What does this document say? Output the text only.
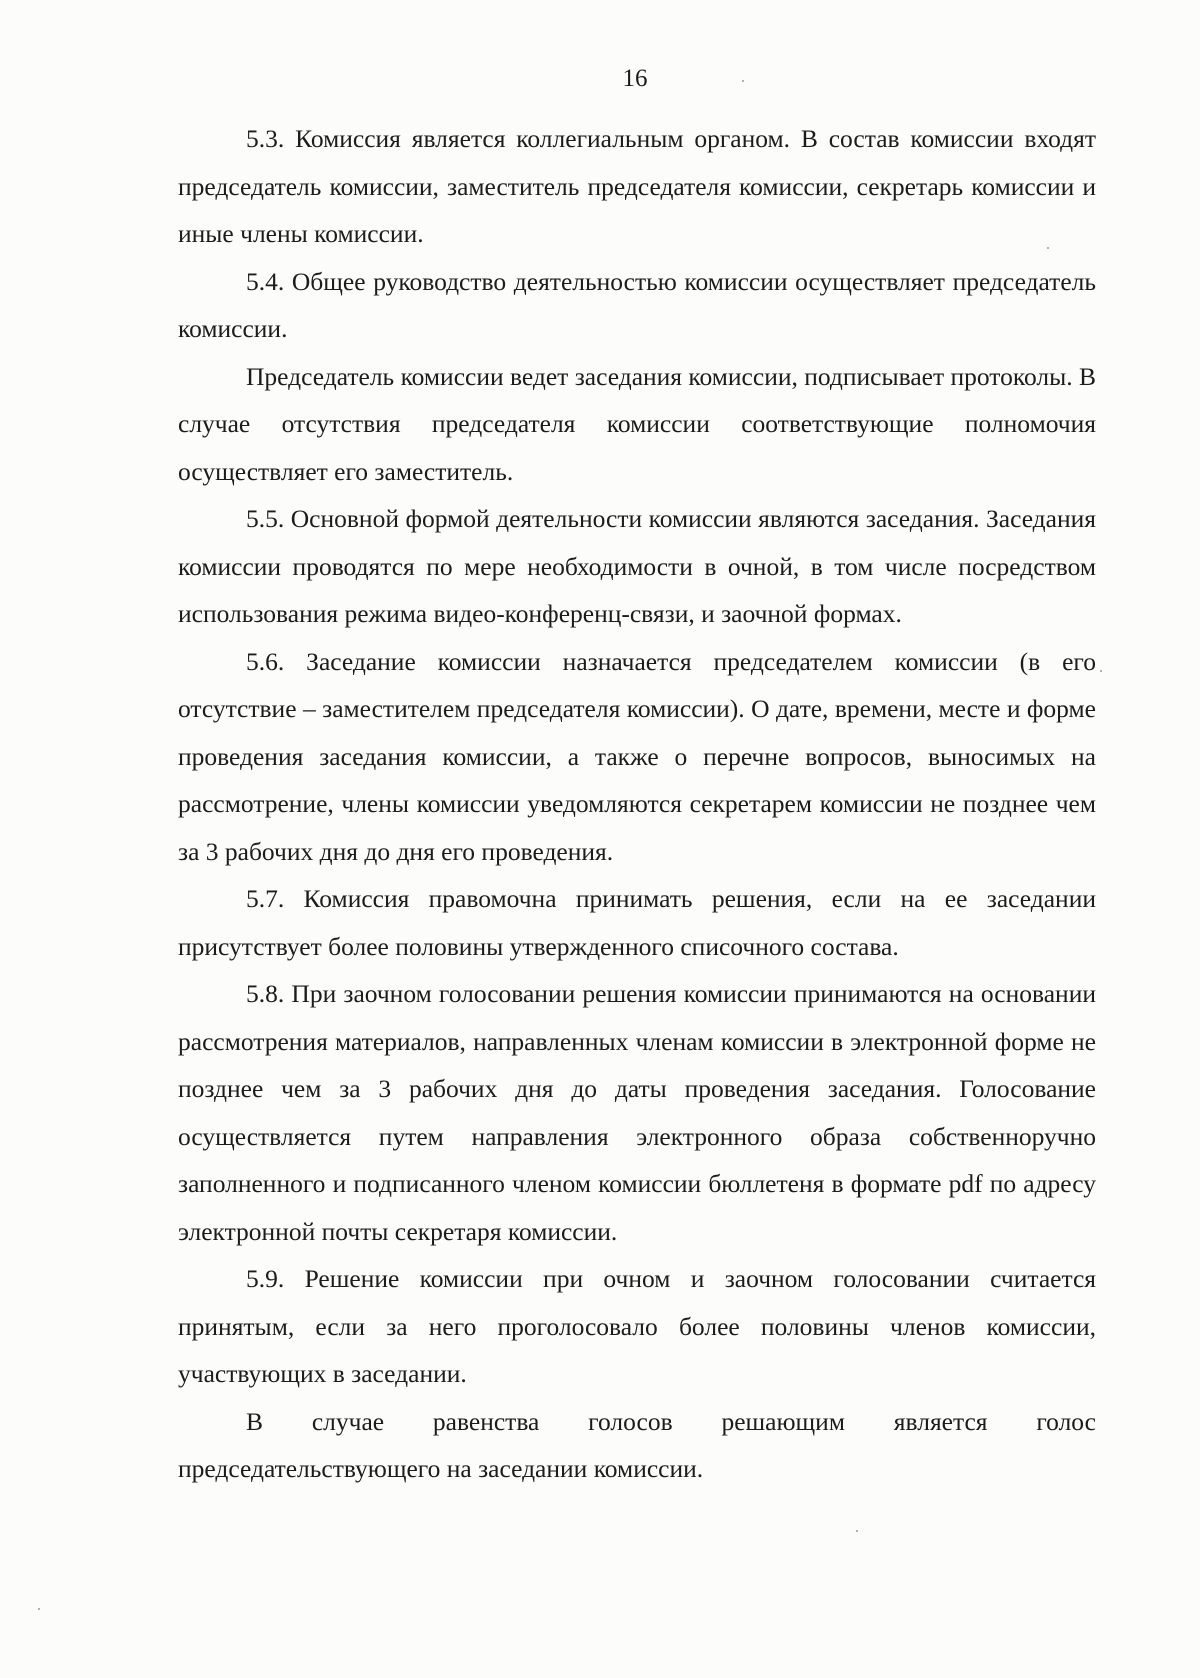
16

5.3. Комиссия является коллегиальным органом. В состав комиссии входят председатель комиссии, заместитель председателя комиссии, секретарь комиссии и иные члены комиссии.

5.4. Общее руководство деятельностью комиссии осуществляет председатель комиссии.

Председатель комиссии ведет заседания комиссии, подписывает протоколы. В случае отсутствия председателя комиссии соответствующие полномочия осуществляет его заместитель.

5.5. Основной формой деятельности комиссии являются заседания. Заседания комиссии проводятся по мере необходимости в очной, в том числе посредством использования режима видео-конференц-связи, и заочной формах.

5.6. Заседание комиссии назначается председателем комиссии (в его отсутствие – заместителем председателя комиссии). О дате, времени, месте и форме проведения заседания комиссии, а также о перечне вопросов, выносимых на рассмотрение, члены комиссии уведомляются секретарем комиссии не позднее чем за 3 рабочих дня до дня его проведения.

5.7. Комиссия правомочна принимать решения, если на ее заседании присутствует более половины утвержденного списочного состава.

5.8. При заочном голосовании решения комиссии принимаются на основании рассмотрения материалов, направленных членам комиссии в электронной форме не позднее чем за 3 рабочих дня до даты проведения заседания. Голосование осуществляется путем направления электронного образа собственноручно заполненного и подписанного членом комиссии бюллетеня в формате pdf по адресу электронной почты секретаря комиссии.

5.9. Решение комиссии при очном и заочном голосовании считается принятым, если за него проголосовало более половины членов комиссии, участвующих в заседании.

В случае равенства голосов решающим является голос председательствующего на заседании комиссии.
